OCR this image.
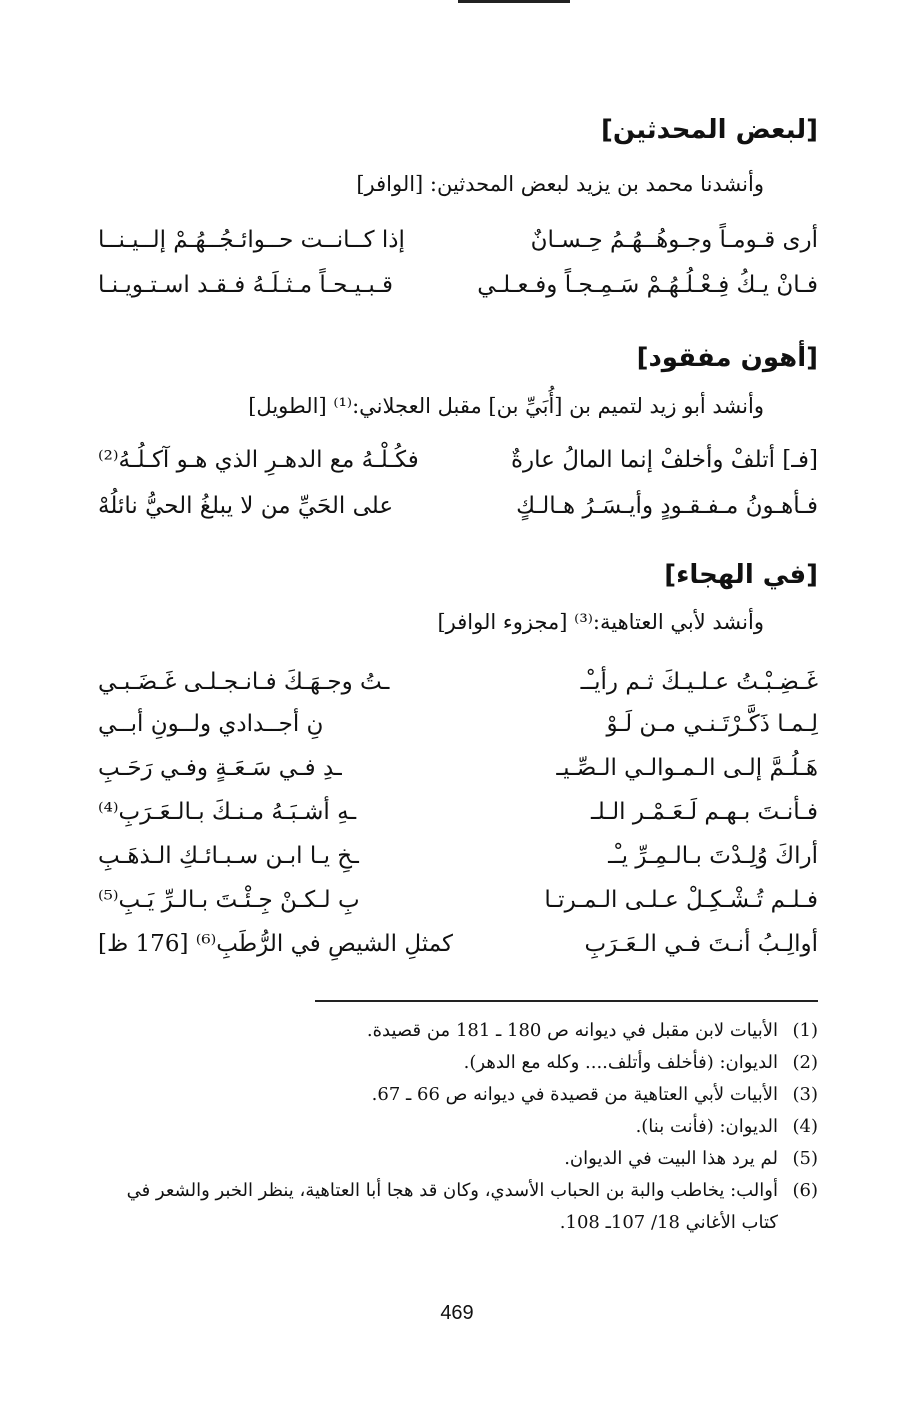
[لبعض المحدثين]
وأنشدنا محمد بن يزيد لبعض المحدثين: [الوافر]
أرى قـومـاً وجـوهُــهُـمُ حِـسـانٌ
إذا كــانــت حــوائـجُــهُـمْ إلــيـنــا
فـانْ يـكُ فِـعْـلُـهُـمْ سَـمِـجـاً وفـعـلـي
قـبـيـحـاً مـثـلَـهُ فـقـد اسـتـويـنـا
[أهون مفقود]
وأنشد أبو زيد لتميم بن [أُبَيِّ بن] مقبل العجلاني:⁽¹⁾ [الطويل]
[فـ] أتلفْ وأخلفْ إنما المالُ عارةٌ
فكُـلْـهُ مع الدهـرِ الذي هـو آكـلُـهُ⁽²⁾
فـأهـونُ مـفـقـودٍ وأيـسَـرُ هـالـكٍ
على الحَيِّ من لا يبلغُ الحيُّ نائلُهْ
[في الهجاء]
وأنشد لأبي العتاهية:⁽³⁾ [مجزوء الوافر]
غَـضِـبْـتُ عـلـيـكَ ثـم رأيـْـ
ـتُ وجـهَـكَ فـانـجـلـى غَـضَـبـي
لِـمـا ذَكَّـرْتَـنـي مـن لَـوْ
نِ أجــدادي ولــونِ أبــي
هَـلُـمَّ إلـى الـمـوالـي الـصِّـيـ
ـدِ فـي سَـعَـةٍ وفـي رَحَـبِ
فـأنـتَ بـهـم لَـعَـمْـر الـلـ
ـهِ أشـبَـهُ مـنـكَ بـالـعَـرَبِ⁽⁴⁾
أراكَ وُلِـدْتَ بـالـمِـرِّ يـْـ
ـخِ يـا ابـن سـبـائـكِ الـذهَـبِ
فـلـم تُـشْـكِـلْ عـلـى الـمـرتـا
بِ لـكـنْ جِـئْـتَ بـالـرِّ يَـبِ⁽⁵⁾
أوالِـبُ أنـتَ فـي الـعَـرَبِ
كمثلِ الشيصِ في الرُّطَبِ⁽⁶⁾ [176 ظ]
(1)
الأبيات لابن مقبل في ديوانه ص 180 ـ 181 من قصيدة.
(2)
الديوان: (فأخلف وأتلف.... وكله مع الدهر).
(3)
الأبيات لأبي العتاهية من قصيدة في ديوانه ص 66 ـ 67.
(4)
الديوان: (فأنت بنا).
(5)
لم يرد هذا البيت في الديوان.
(6)
أوالب: يخاطب والبة بن الحباب الأسدي، وكان قد هجا أبا العتاهية، ينظر الخبر والشعر في كتاب الأغاني 18/ 107ـ 108.
469
